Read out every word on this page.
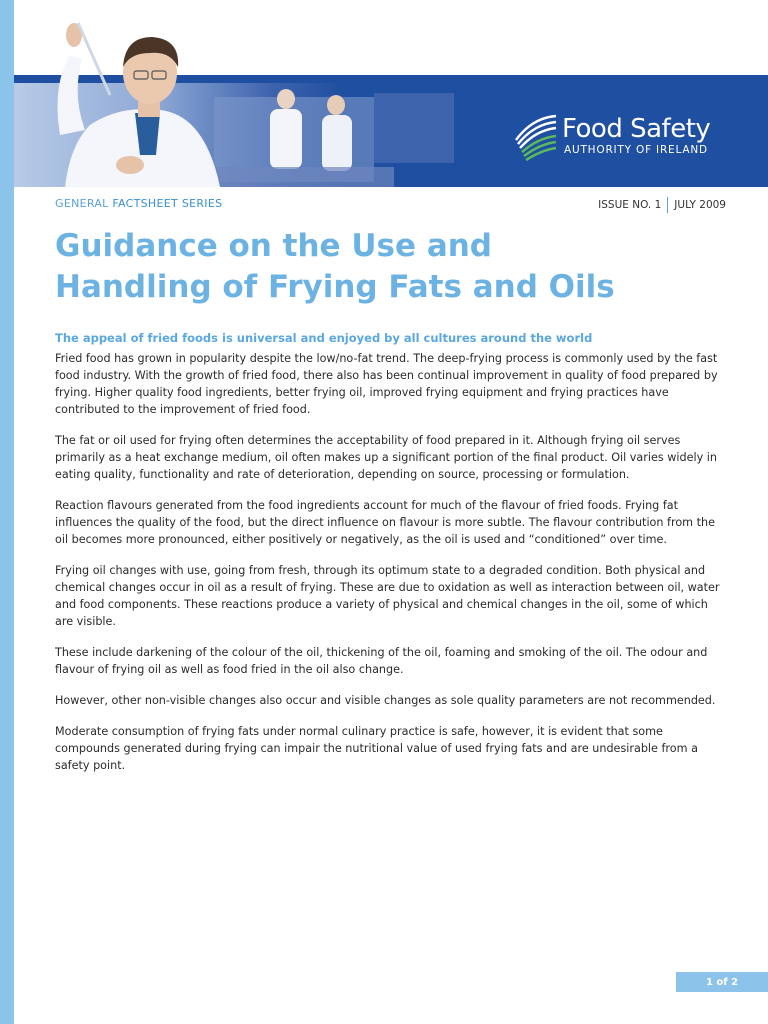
Food Safety
AUTHORITY OF IRELAND
GENERAL FACTSHEET SERIES	ISSUE NO. 1 JULY 2009
Guidance on the Use and
Handling of Frying Fats and Oils
The appeal of fried foods is universal and enjoyed by all cultures around the world

Fried food has grown in popularity despite the low/no-fat trend. The deep-frying process is commonly used by the fast food industry. With the growth of fried food, there also has been continual improvement in quality of food prepared by frying. Higher quality food ingredients, better frying oil, improved frying equipment and frying practices have contributed to the improvement of fried food.

The fat or oil used for frying often determines the acceptability of food prepared in it. Although frying oil serves primarily as a heat exchange medium, oil often makes up a significant portion of the final product. Oil varies widely in eating quality, functionality and rate of deterioration, depending on source, processing or formulation.

Reaction flavours generated from the food ingredients account for much of the flavour of fried foods. Frying fat influences the quality of the food, but the direct influence on flavour is more subtle. The flavour contribution from the oil becomes more pronounced, either positively or negatively, as the oil is used and “conditioned” over time.

Frying oil changes with use, going from fresh, through its optimum state to a degraded condition. Both physical and chemical changes occur in oil as a result of frying. These are due to oxidation as well as interaction between oil, water and food components. These reactions produce a variety of physical and chemical changes in the oil, some of which are visible.

These include darkening of the colour of the oil, thickening of the oil, foaming and smoking of the oil. The odour and flavour of frying oil as well as food fried in the oil also change.

However, other non-visible changes also occur and visible changes as sole quality parameters are not recommended.

Moderate consumption of frying fats under normal culinary practice is safe, however, it is evident that some compounds generated during frying can impair the nutritional value of used frying fats and are undesirable from a safety point.

1 of 2
